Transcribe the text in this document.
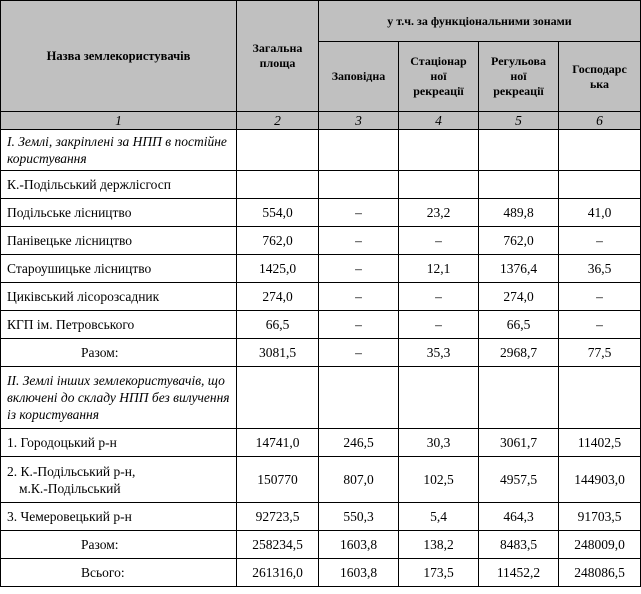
Назва землекористувачів	Загальна площа	у т.ч. за функціональними зонами			
		Заповідна	Стаціонар ної рекреації	Регульова ної рекреації	Господарс ька
1	2	3	4	5	6
I. Землі, закріплені за НПП в постійне користування					
К.-Подільський держлісгосп					
Подільське лісництво	554,0	–	23,2	489,8	41,0
Панівецьке лісництво	762,0	–	–	762,0	–
Староушицьке лісництво	1425,0	–	12,1	1376,4	36,5
Циківський лісорозсадник	274,0	–	–	274,0	–
КГП ім. Петровського	66,5	–	–	66,5	–
Разом:	3081,5	–	35,3	2968,7	77,5
II. Землі інших землекористувачів, що включені до складу НПП без вилучення із користування					
1. Городоцький р-н	14741,0	246,5	30,3	3061,7	11402,5

2. К.-Подільський р-н,
м.К.-Подільський	150770	807,0	102,5	4957,5	144903,0
3. Чемеровецький р-н	92723,5	550,3	5,4	464,3	91703,5
Разом:	258234,5	1603,8	138,2	8483,5	248009,0
Всього:	261316,0	1603,8	173,5	11452,2	248086,5
